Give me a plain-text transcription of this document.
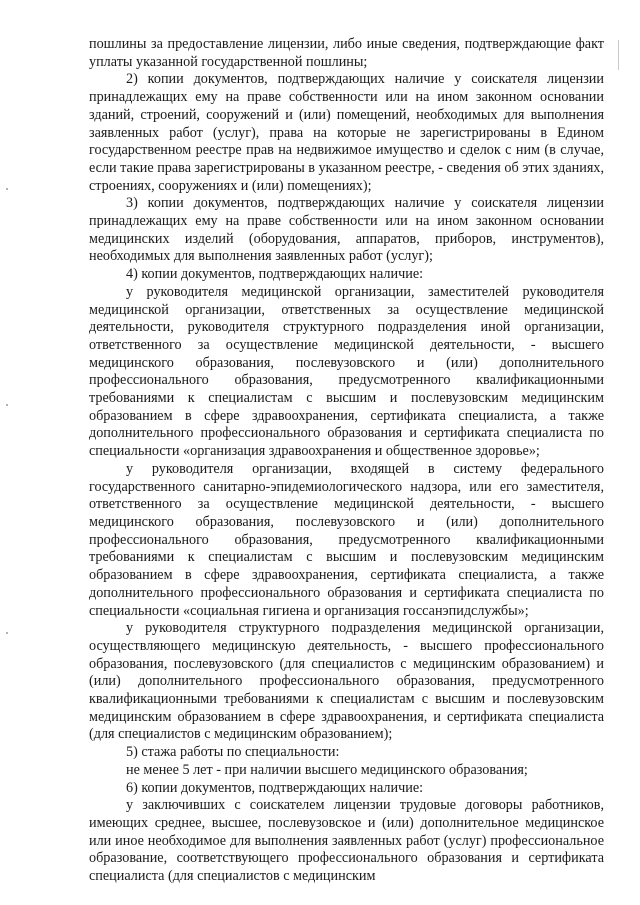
пошлины за предоставление лицензии, либо иные сведения, подтверждающие факт уплаты указанной государственной пошлины;

2) копии документов, подтверждающих наличие у соискателя лицензии принадлежащих ему на праве собственности или на ином законном основании зданий, строений, сооружений и (или) помещений, необходимых для выполнения заявленных работ (услуг), права на которые не зарегистрированы в Едином государственном реестре прав на недвижимое имущество и сделок с ним (в случае, если такие права зарегистрированы в указанном реестре, - сведения об этих зданиях, строениях, сооружениях и (или) помещениях);

3) копии документов, подтверждающих наличие у соискателя лицензии принадлежащих ему на праве собственности или на ином законном основании медицинских изделий (оборудования, аппаратов, приборов, инструментов), необходимых для выполнения заявленных работ (услуг);

4) копии документов, подтверждающих наличие:

у руководителя медицинской организации, заместителей руководителя медицинской организации, ответственных за осуществление медицинской деятельности, руководителя структурного подразделения иной организации, ответственного за осуществление медицинской деятельности, - высшего медицинского образования, послевузовского и (или) дополнительного профессионального образования, предусмотренного квалификационными требованиями к специалистам с высшим и послевузовским медицинским образованием в сфере здравоохранения, сертификата специалиста, а также дополнительного профессионального образования и сертификата специалиста по специальности «организация здравоохранения и общественное здоровье»;

у руководителя организации, входящей в систему федерального государственного санитарно-эпидемиологического надзора, или его заместителя, ответственного за осуществление медицинской деятельности, - высшего медицинского образования, послевузовского и (или) дополнительного профессионального образования, предусмотренного квалификационными требованиями к специалистам с высшим и послевузовским медицинским образованием в сфере здравоохранения, сертификата специалиста, а также дополнительного профессионального образования и сертификата специалиста по специальности «социальная гигиена и организация госсанэпидслужбы»;

у руководителя структурного подразделения медицинской организации, осуществляющего медицинскую деятельность, - высшего профессионального образования, послевузовского (для специалистов с медицинским образованием) и (или) дополнительного профессионального образования, предусмотренного квалификационными требованиями к специалистам с высшим и послевузовским медицинским образованием в сфере здравоохранения, и сертификата специалиста (для специалистов с медицинским образованием);

5) стажа работы по специальности:

не менее 5 лет - при наличии высшего медицинского образования;

6) копии документов, подтверждающих наличие:

у заключивших с соискателем лицензии трудовые договоры работников, имеющих среднее, высшее, послевузовское и (или) дополнительное медицинское или иное необходимое для выполнения заявленных работ (услуг) профессиональное образование, соответствующего профессионального образования и сертификата специалиста (для специалистов с медицинским
